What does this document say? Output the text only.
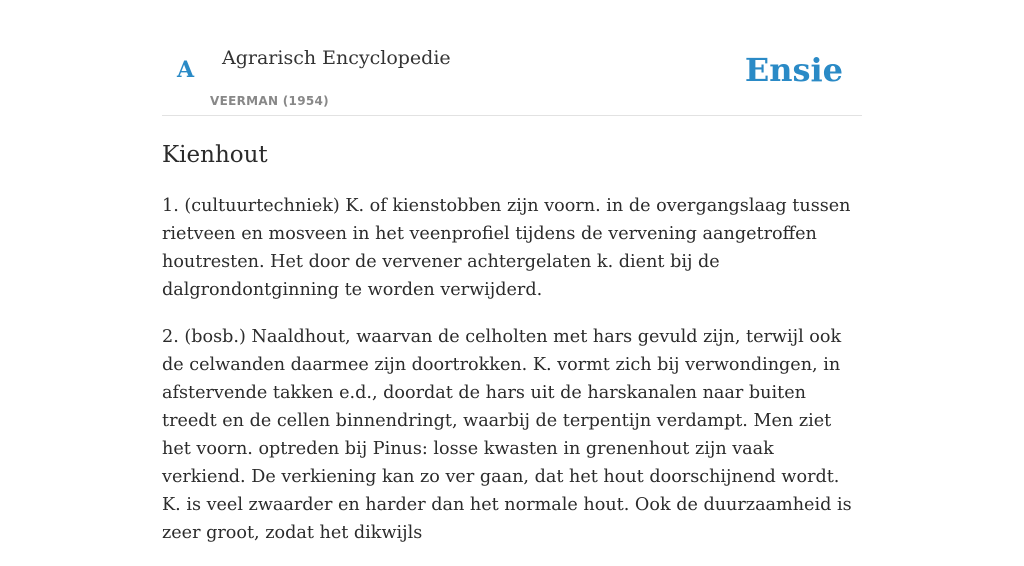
A Agrarisch Encyclopedie
VEERMAN (1954)
Ensie
Kienhout

1. (cultuurtechniek) K. of kienstobben zijn voorn. in de overgangslaag tussen rietveen en mosveen in het veenprofiel tijdens de vervening aangetroffen houtresten. Het door de vervener achtergelaten k. dient bij de dalgrondontginning te worden verwijderd.

2. (bosb.) Naaldhout, waarvan de celholten met hars gevuld zijn, terwijl ook de celwanden daarmee zijn doortrokken. K. vormt zich bij verwondingen, in afstervende takken e.d., doordat de hars uit de harskanalen naar buiten treedt en de cellen binnendringt, waarbij de terpentijn verdampt. Men ziet het voorn. optreden bij Pinus: losse kwasten in grenenhout zijn vaak verkiend. De verkiening kan zo ver gaan, dat het hout doorschijnend wordt. K. is veel zwaarder en harder dan het normale hout. Ook de duurzaamheid is zeer groot, zodat het dikwijls
